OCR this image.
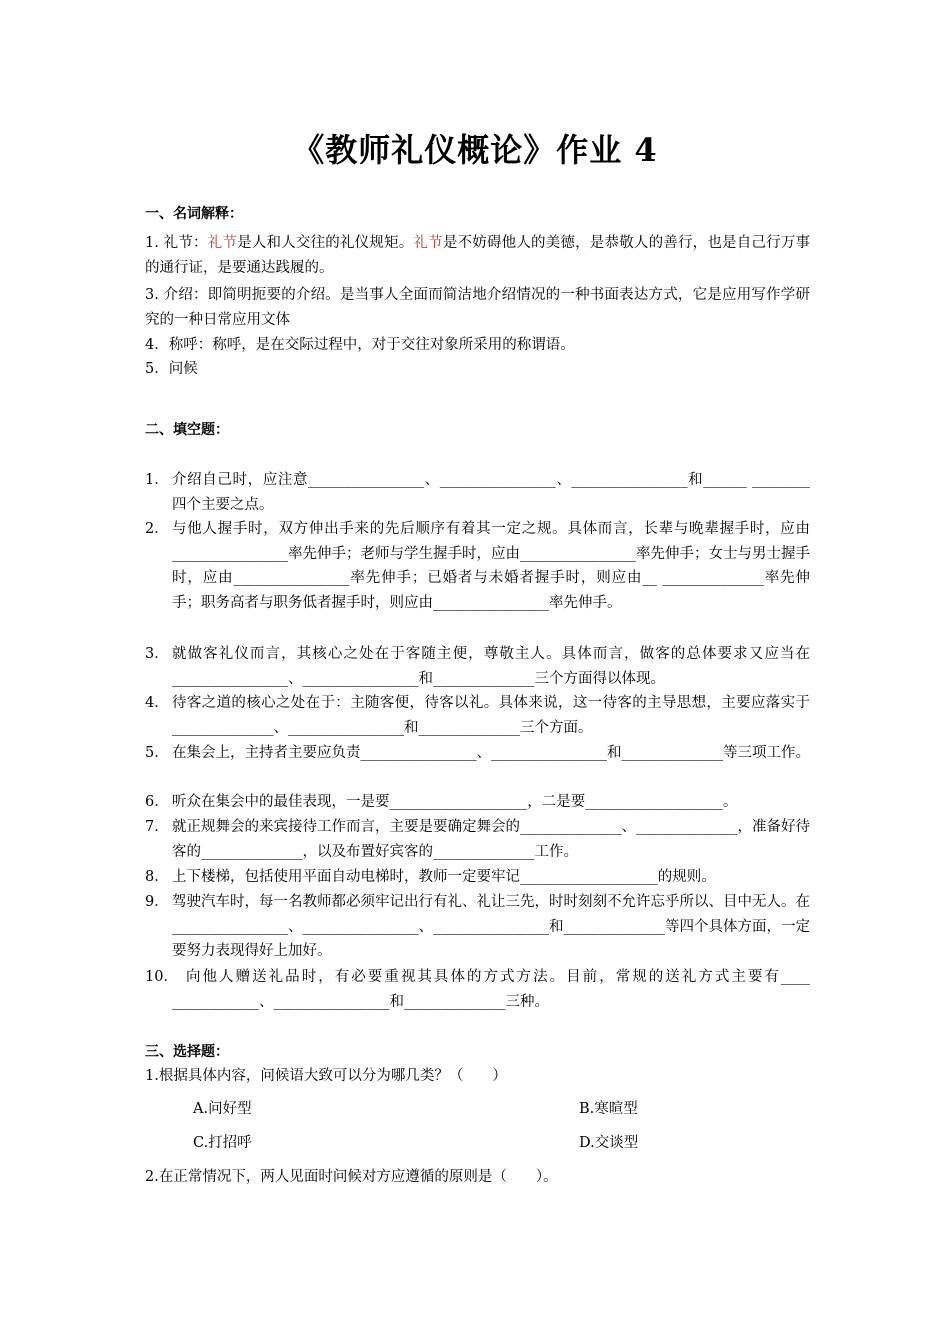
《教师礼仪概论》作业 4
一、名词解释：
1. 礼节：礼节是人和人交往的礼仪规矩。礼节是不妨碍他人的美德，是恭敬人的善行，也是自己行万事的通行证，是要通达践履的。
3. 介绍：即简明扼要的介绍。是当事人全面而简洁地介绍情况的一种书面表达方式，它是应用写作学研究的一种日常应用文体
4．称呼：称呼，是在交际过程中，对于交往对象所采用的称谓语。
5．问候
二、填空题：
1． 介绍自己时，应注意________________、________________、________________和______ ________四个主要之点。
2． 与他人握手时，双方伸出手来的先后顺序有着其一定之规。具体而言，长辈与晚辈握手时，应由________________率先伸手；老师与学生握手时，应由________________率先伸手；女士与男士握手时，应由________________率先伸手；已婚者与未婚者握手时，则应由__ ______________率先伸手；职务高者与职务低者握手时，则应由________________率先伸手。
3． 就做客礼仪而言，其核心之处在于客随主便，尊敬主人。具体而言，做客的总体要求又应当在________________、________________和______________三个方面得以体现。
4． 待客之道的核心之处在于：主随客便，待客以礼。具体来说，这一待客的主导思想，主要应落实于______________、________________和______________三个方面。
5． 在集会上，主持者主要应负责________________、________________和______________等三项工作。
6． 听众在集会中的最佳表现，一是要___________________，二是要___________________。
7． 就正规舞会的来宾接待工作而言，主要是要确定舞会的______________、______________，准备好待客的______________，以及布置好宾客的______________工作。
8． 上下楼梯，包括使用平面自动电梯时，教师一定要牢记___________________的规则。
9． 驾驶汽车时，每一名教师都必须牢记出行有礼、礼让三先，时时刻刻不允许忘乎所以、目中无人。在________________、________________、________________和______________等四个具体方面，一定要努力表现得好上加好。
10． 向他人赠送礼品时，有必要重视其具体的方式方法。目前，常规的送礼方式主要有____ ____________、________________和______________三种。
三、选择题：
1.根据具体内容，问候语大致可以分为哪几类？（　　）
A.问好型	B.寒暄型
C.打招呼	D.交谈型
2.在正常情况下，两人见面时问候对方应遵循的原则是（　　）。
